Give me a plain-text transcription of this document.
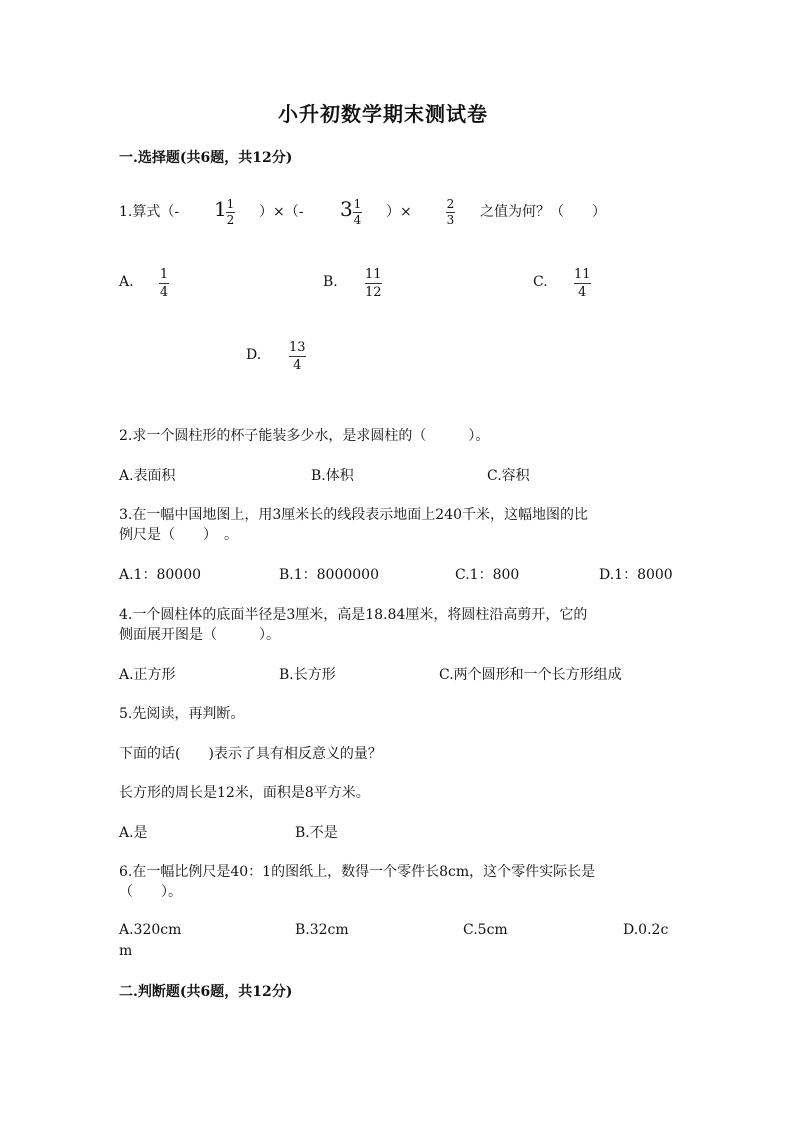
小升初数学期末测试卷
一.选择题(共6题，共12分)
1.算式（- 1 1
2 ）×（- 3 1
4 ）×	2
3 之值为何？（　　）
A. 1
4
B. 11
12
C. 11
4
D. 13
4
2.求一个圆柱形的杯子能装多少水，是求圆柱的（　　　）。
A.表面积	B.体积	C.容积
3.在一幅中国地图上，用3厘米长的线段表示地面上240千米，这幅地图的比
例尺是（　　）　。
A.1：80000	B.1：8000000	C.1：800	D.1：8000
4.一个圆柱体的底面半径是3厘米，高是18.84厘米，将圆柱沿高剪开，它的
侧面展开图是（　　　）。
A.正方形	B.长方形	C.两个圆形和一个长方形组成
5.先阅读，再判断。
下面的话(　　)表示了具有相反意义的量？
长方形的周长是12米，面积是8平方米。
A.是	B.不是
6.在一幅比例尺是40：1的图纸上，数得一个零件长8cm，这个零件实际长是
（　　）。
A.320cm	B.32cm	C.5cm	D.0.2c
m
二.判断题(共6题，共12分)
